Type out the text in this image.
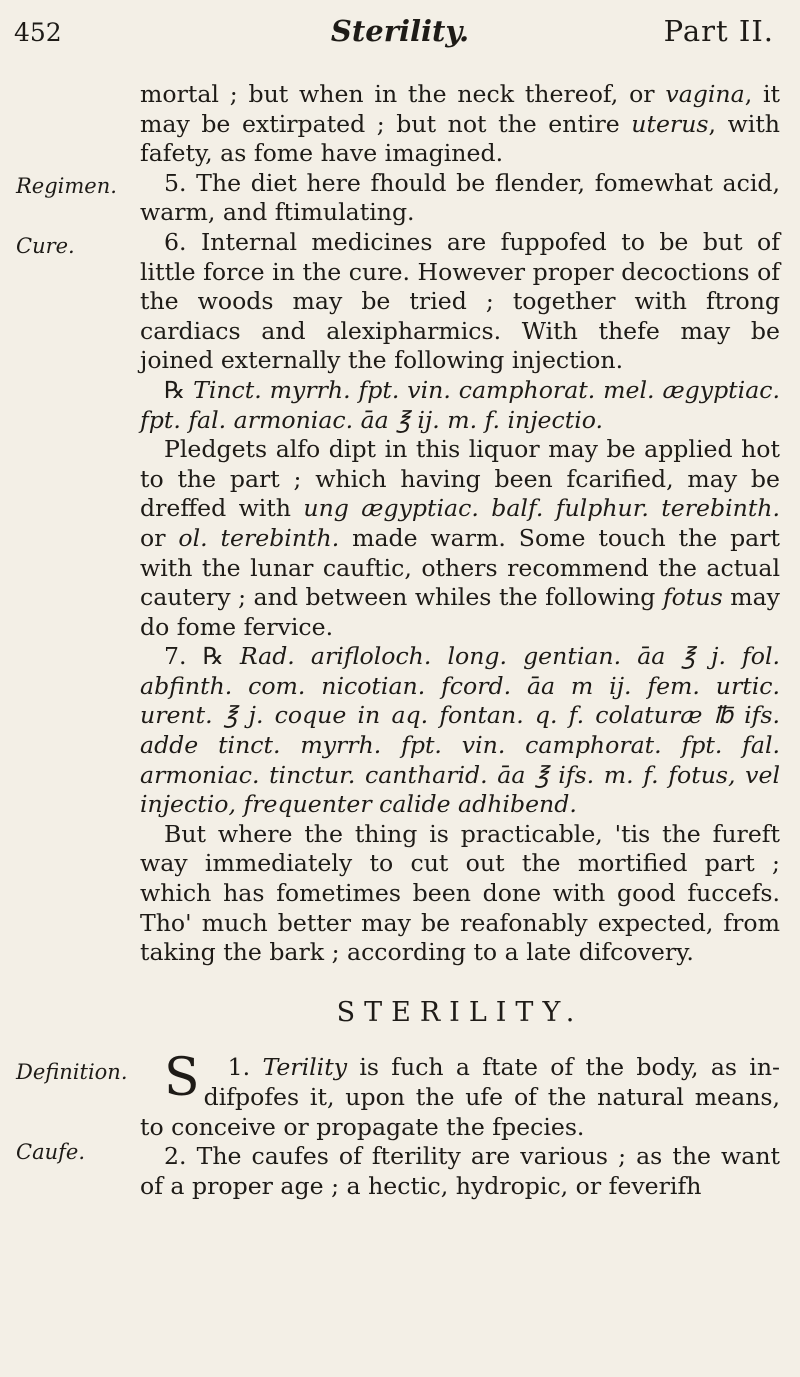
452	Sterility.	Part II.
Regimen.
Cure.
Definition.
Caufe.

mortal ; but when in the neck thereof, or vagina, it may be extirpated ; but not the entire uterus, with fafety, as fome have imagined.

5. The diet here fhould be flender, fomewhat acid, warm, and ftimulating.

6. Internal medicines are fuppofed to be but of little force in the cure. However proper decoctions of the woods may be tried ; together with ftrong cardiacs and alexipharmics. With thefe may be joined externally the following injection.

℞ Tinct. myrrh. fpt. vin. camphorat. mel. ægyptiac. fpt. fal. armoniac. āa ℥ ij. m. f. injectio.

Pledgets alfo dipt in this liquor may be applied hot to the part ; which having been fcarified, may be dreffed with ung ægyptiac. balf. fulphur. terebinth. or ol. terebinth. made warm. Some touch the part with the lunar cauftic, others recommend the actual cautery ; and between whiles the following fotus may do fome fervice.

7. ℞ Rad. arifloloch. long. gentian. āa ℥ j. fol. abfinth. com. nicotian. fcord. āa m ij. fem. urtic. urent. ℥ j. coque in aq. fontan. q. f. colaturæ ℔ ifs. adde tinct. myrrh. fpt. vin. camphorat. fpt. fal. armoniac. tinctur. cantharid. āa ℥ ifs. m. f. fotus, vel injectio, frequenter calide adhibend.

But where the thing is practicable, 'tis the fureft way immediately to cut out the mortified part ; which has fometimes been done with good fuccefs. Tho' much better may be reafonably expected, from taking the bark ; according to a late difcovery.

STERILITY.

1.
S	Terility is fuch a ftate of the body, as in-difpofes it, upon the ufe of the natural means, to conceive or propagate the fpecies.

2. The caufes of fterility are various ; as the want of a proper age ; a hectic, hydropic, or feverifh
